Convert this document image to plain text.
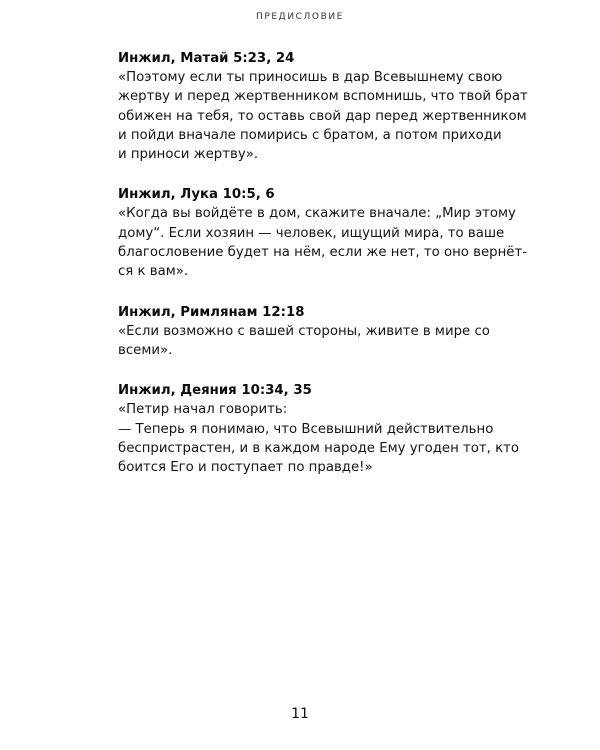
ПРЕДИСЛОВИЕ
Инжил, Матай 5:23, 24
«Поэтому если ты приносишь в дар Всевышнему свою
жертву и перед жертвенником вспомнишь, что твой брат
обижен на тебя, то оставь свой дар перед жертвенником
и пойди вначале помирись с братом, а потом приходи
и приноси жертву».
Инжил, Лука 10:5, 6
«Когда вы войдёте в дом, скажите вначале: „Мир этому
дому“. Если хозяин — человек, ищущий мира, то ваше
благословение будет на нём, если же нет, то оно вернёт-
ся к вам».
Инжил, Римлянам 12:18
«Если возможно с вашей стороны, живите в мире со
всеми».
Инжил, Деяния 10:34, 35
«Петир начал говорить:
— Теперь я понимаю, что Всевышний действительно
беспристрастен, и в каждом народе Ему угоден тот, кто
боится Его и поступает по правде!»
11
